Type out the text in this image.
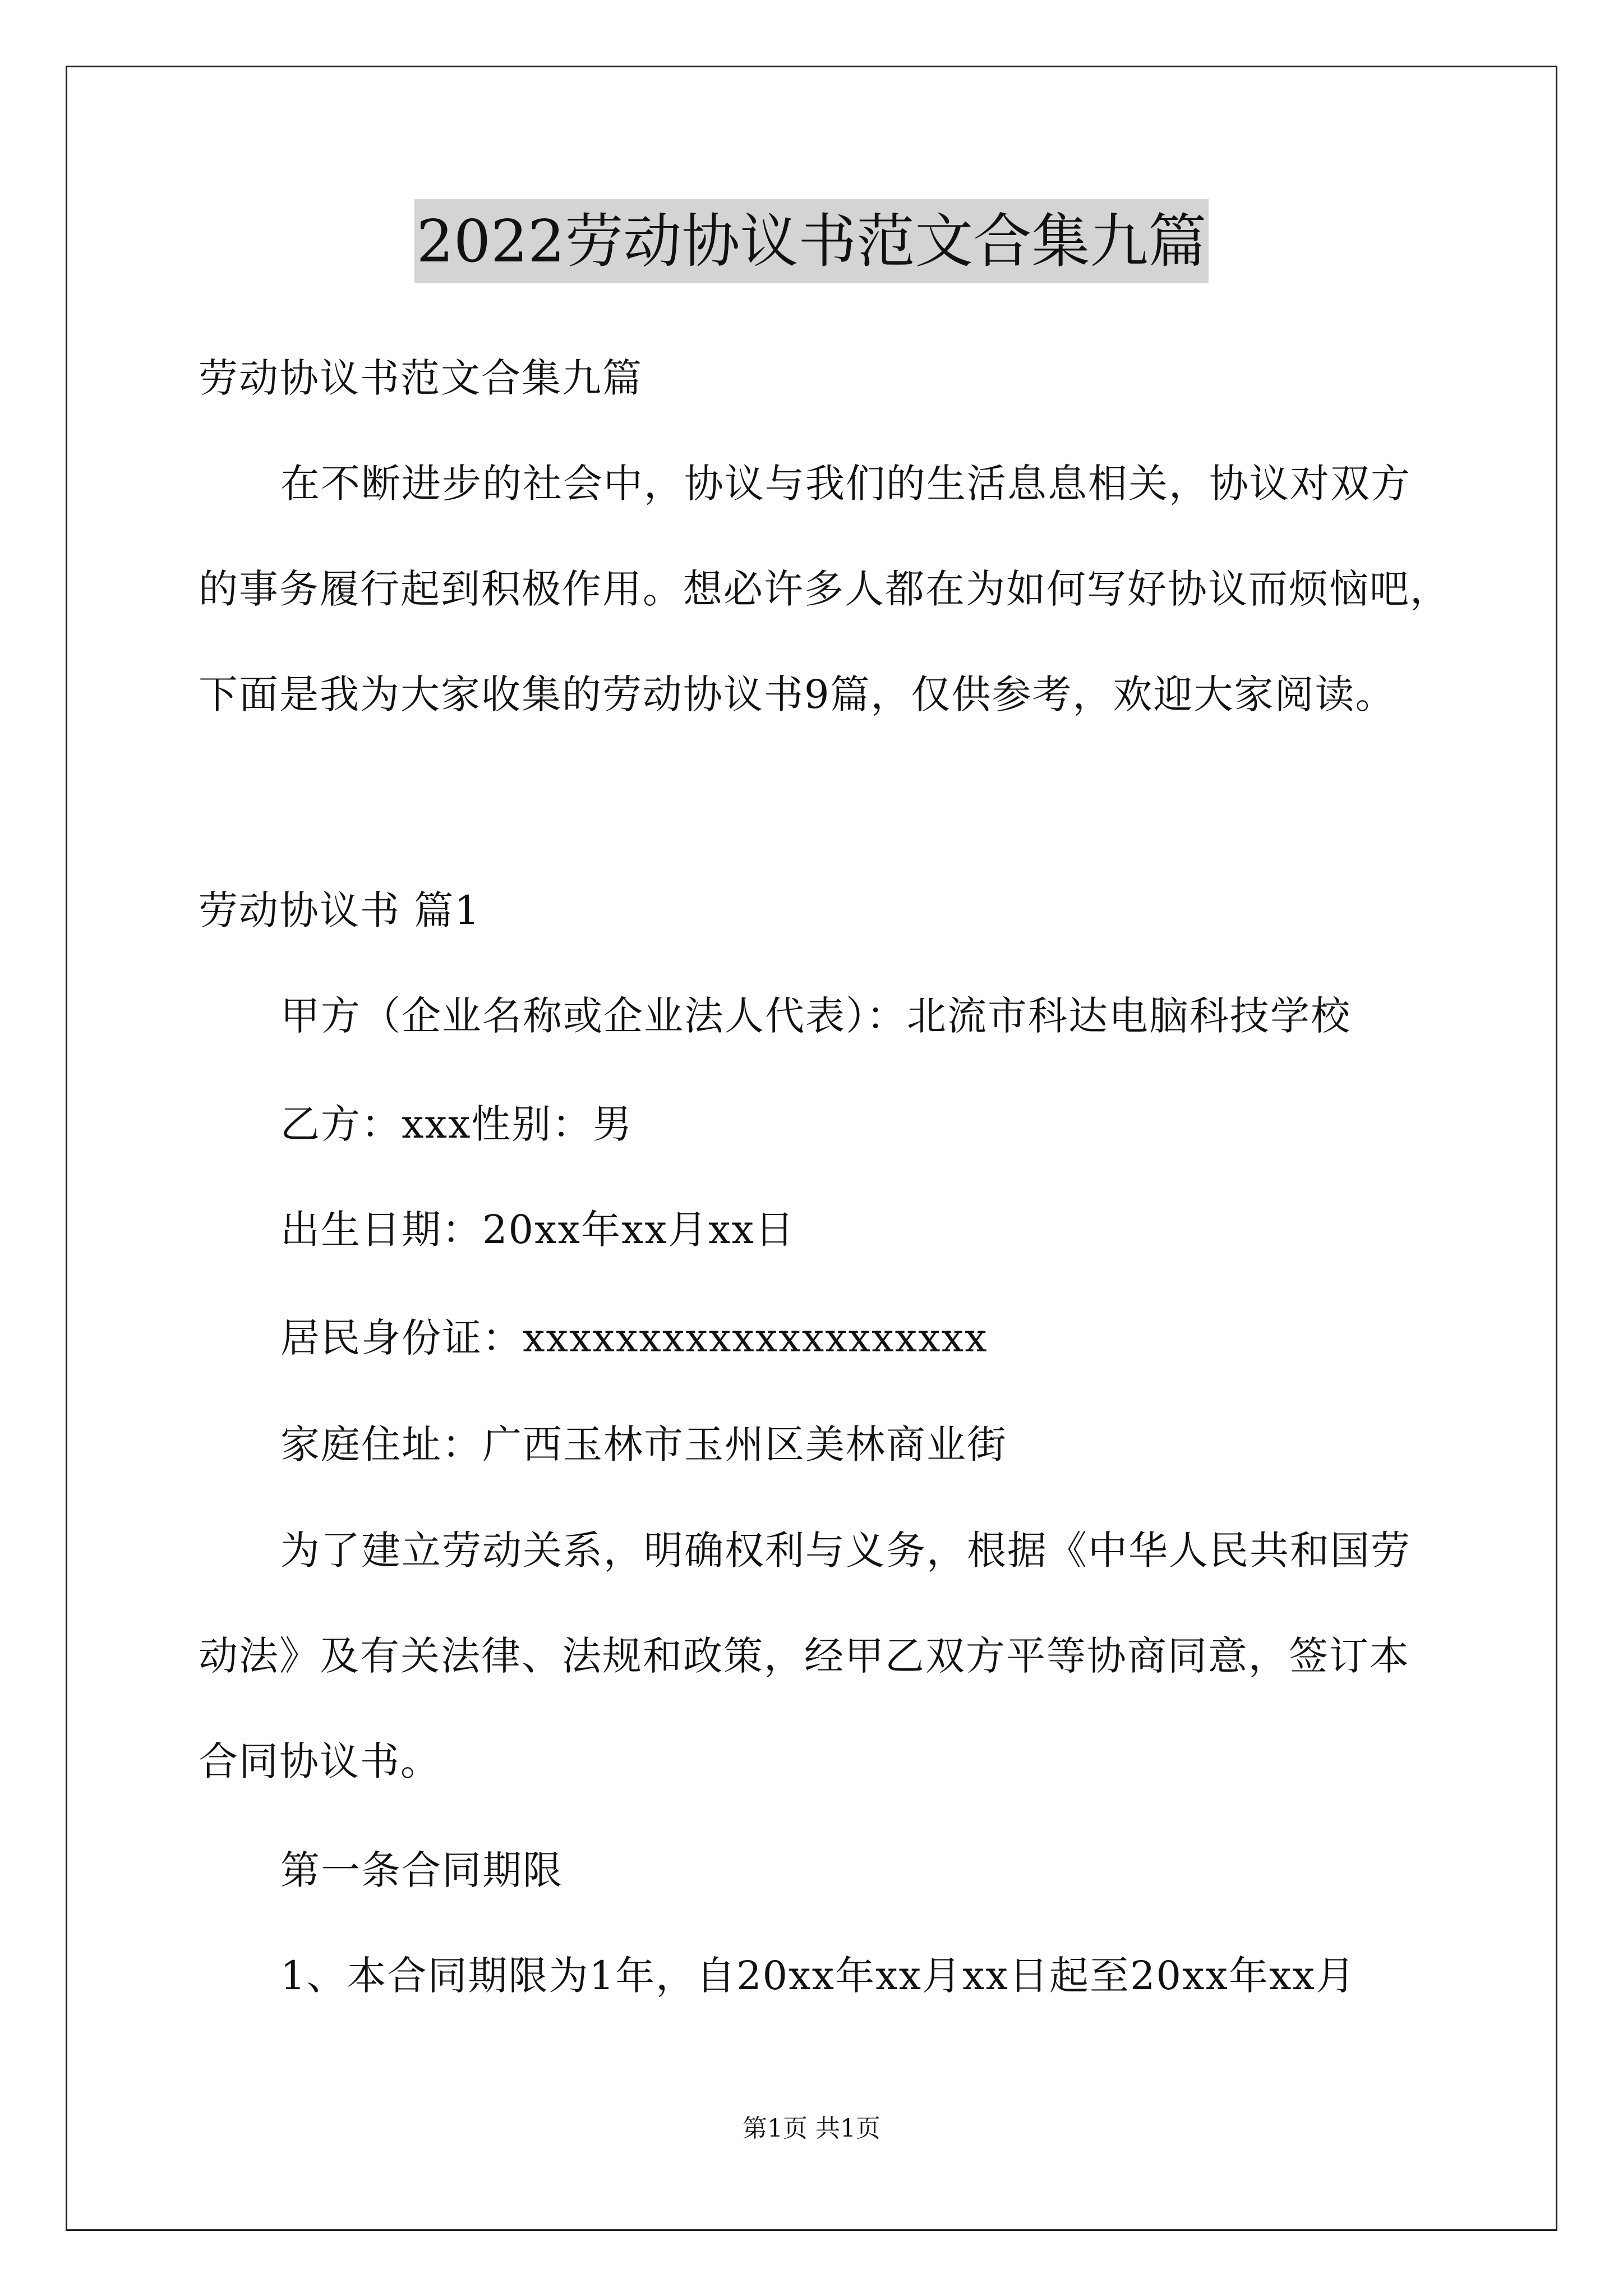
2022劳动协议书范文合集九篇
劳动协议书范文合集九篇
在不断进步的社会中，协议与我们的生活息息相关，协议对双方
的事务履行起到积极作用。想必许多人都在为如何写好协议而烦恼吧，
下面是我为大家收集的劳动协议书9篇，仅供参考，欢迎大家阅读。
劳动协议书 篇1
甲方（企业名称或企业法人代表）：北流市科达电脑科技学校
乙方：xxx性别：男
出生日期：20xx年xx月xx日
居民身份证：xxxxxxxxxxxxxxxxxxxx
家庭住址：广西玉林市玉州区美林商业街
为了建立劳动关系，明确权利与义务，根据《中华人民共和国劳
动法》及有关法律、法规和政策，经甲乙双方平等协商同意，签订本
合同协议书。
第一条合同期限
1、本合同期限为1年，自20xx年xx月xx日起至20xx年xx月
第1页 共1页
